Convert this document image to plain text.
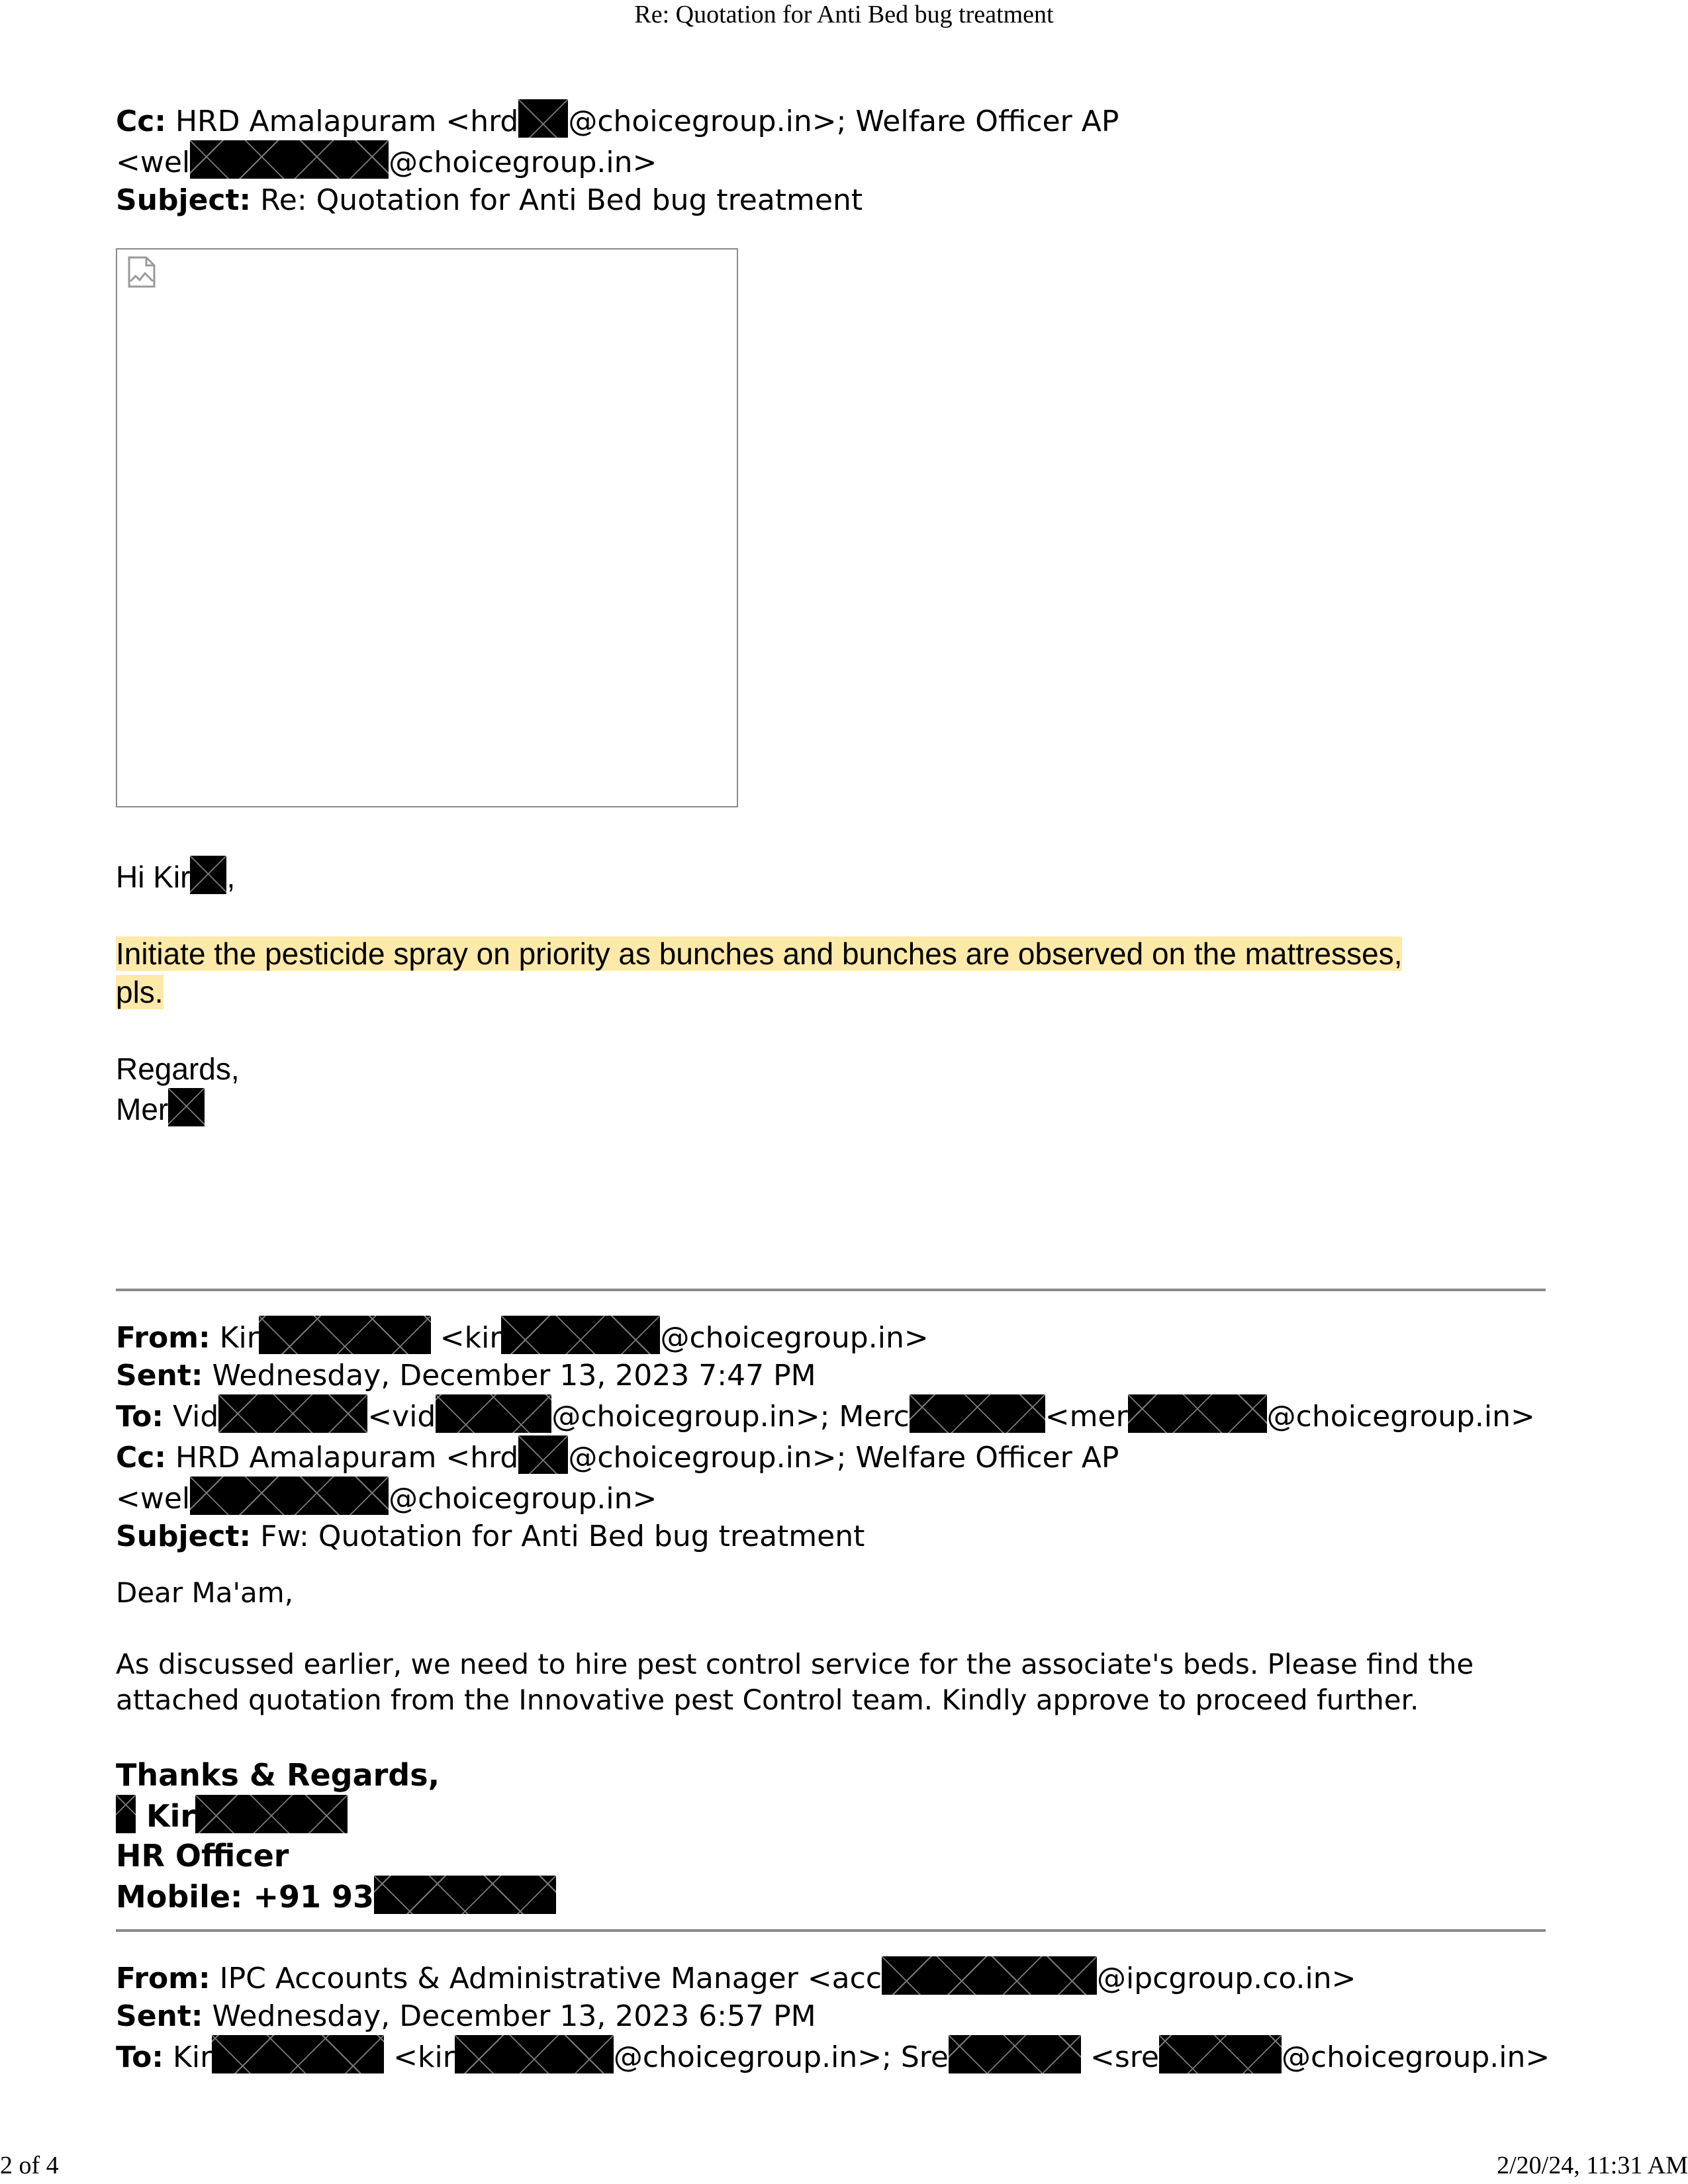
Re: Quotation for Anti Bed bug treatment
Cc: HRD Amalapuram <hrd @choicegroup.in>; Welfare Officer AP
<wel	@choicegroup.in>
Subject: Re: Quotation for Anti Bed bug treatment
Hi Kir ,
Initiate the pesticide spray on priority as bunches and bunches are observed on the mattresses,
pls.
Regards,
Mer
From: Kir	<kir	@choicegroup.in>
Sent: Wednesday, December 13, 2023 7:47 PM
To: Vid	<vid	@choicegroup.in>; Merc	<mer	@choicegroup.in>
Cc: HRD Amalapuram <hrd @choicegroup.in>; Welfare Officer AP
<wel	@choicegroup.in>
Subject: Fw: Quotation for Anti Bed bug treatment
Dear Ma'am,
As discussed earlier, we need to hire pest control service for the associate's beds. Please find the
attached quotation from the Innovative pest Control team. Kindly approve to proceed further.
Thanks & Regards,
Kir
HR Officer
Mobile: +91 93
From: IPC Accounts & Administrative Manager <acc	@ipcgroup.co.in>
Sent: Wednesday, December 13, 2023 6:57 PM
To: Kir	<kir	@choicegroup.in>; Sre	<sre	@choicegroup.in>
2 of 4	2/20/24, 11:31 AM
